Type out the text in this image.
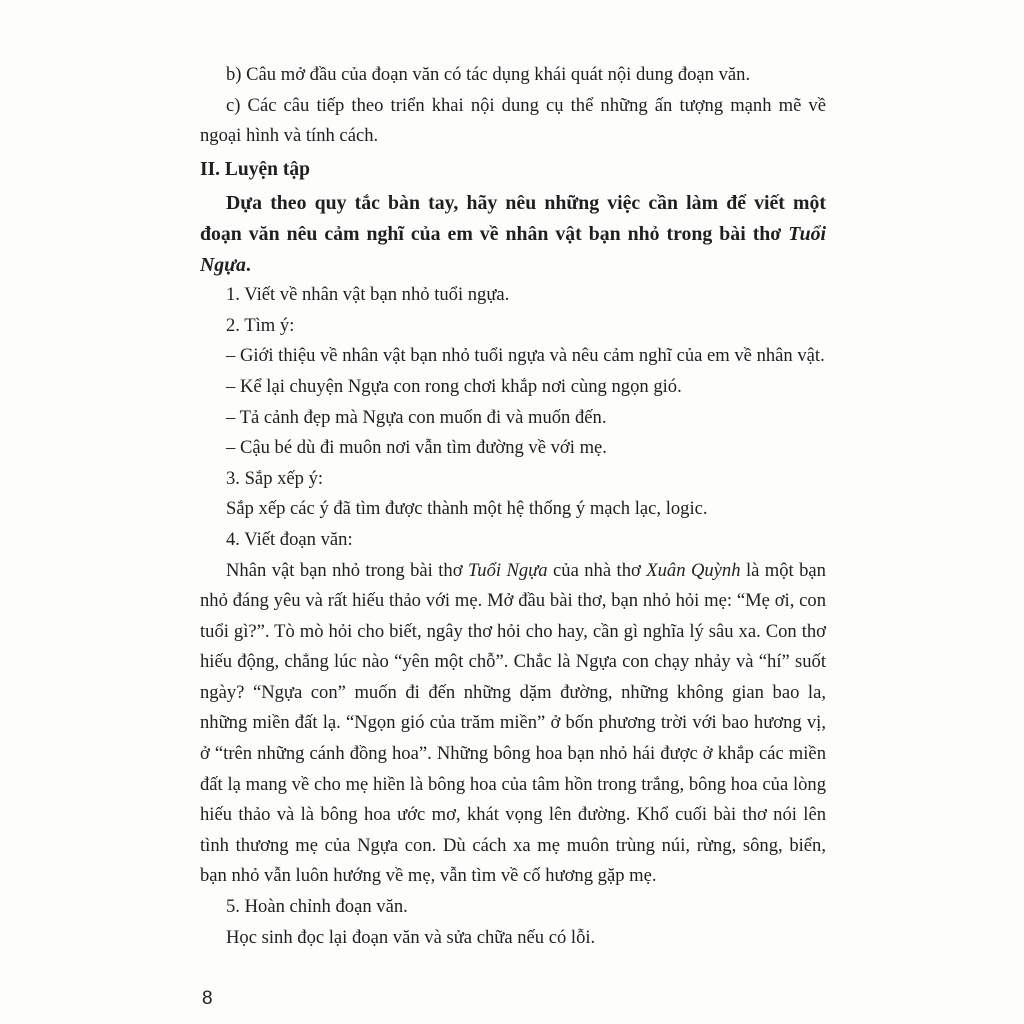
b) Câu mở đầu của đoạn văn có tác dụng khái quát nội dung đoạn văn.

c) Các câu tiếp theo triển khai nội dung cụ thể những ấn tượng mạnh mẽ về ngoại hình và tính cách.

II. Luyện tập

Dựa theo quy tắc bàn tay, hãy nêu những việc cần làm để viết một đoạn văn nêu cảm nghĩ của em về nhân vật bạn nhỏ trong bài thơ Tuổi Ngựa.

1. Viết về nhân vật bạn nhỏ tuổi ngựa.

2. Tìm ý:

– Giới thiệu về nhân vật bạn nhỏ tuổi ngựa và nêu cảm nghĩ của em về nhân vật.

– Kể lại chuyện Ngựa con rong chơi khắp nơi cùng ngọn gió.

– Tả cảnh đẹp mà Ngựa con muốn đi và muốn đến.

– Cậu bé dù đi muôn nơi vẫn tìm đường về với mẹ.

3. Sắp xếp ý:

Sắp xếp các ý đã tìm được thành một hệ thống ý mạch lạc, logic.

4. Viết đoạn văn:

Nhân vật bạn nhỏ trong bài thơ Tuổi Ngựa của nhà thơ Xuân Quỳnh là một bạn nhỏ đáng yêu và rất hiếu thảo với mẹ. Mở đầu bài thơ, bạn nhỏ hỏi mẹ: “Mẹ ơi, con tuổi gì?”. Tò mò hỏi cho biết, ngây thơ hỏi cho hay, cần gì nghĩa lý sâu xa. Con thơ hiếu động, chẳng lúc nào “yên một chỗ”. Chắc là Ngựa con chạy nhảy và “hí” suốt ngày? “Ngựa con” muốn đi đến những dặm đường, những không gian bao la, những miền đất lạ. “Ngọn gió của trăm miền” ở bốn phương trời với bao hương vị, ở “trên những cánh đồng hoa”. Những bông hoa bạn nhỏ hái được ở khắp các miền đất lạ mang về cho mẹ hiền là bông hoa của tâm hồn trong trắng, bông hoa của lòng hiếu thảo và là bông hoa ước mơ, khát vọng lên đường. Khổ cuối bài thơ nói lên tình thương mẹ của Ngựa con. Dù cách xa mẹ muôn trùng núi, rừng, sông, biển, bạn nhỏ vẫn luôn hướng về mẹ, vẫn tìm về cố hương gặp mẹ.

5. Hoàn chỉnh đoạn văn.

Học sinh đọc lại đoạn văn và sửa chữa nếu có lỗi.

8
